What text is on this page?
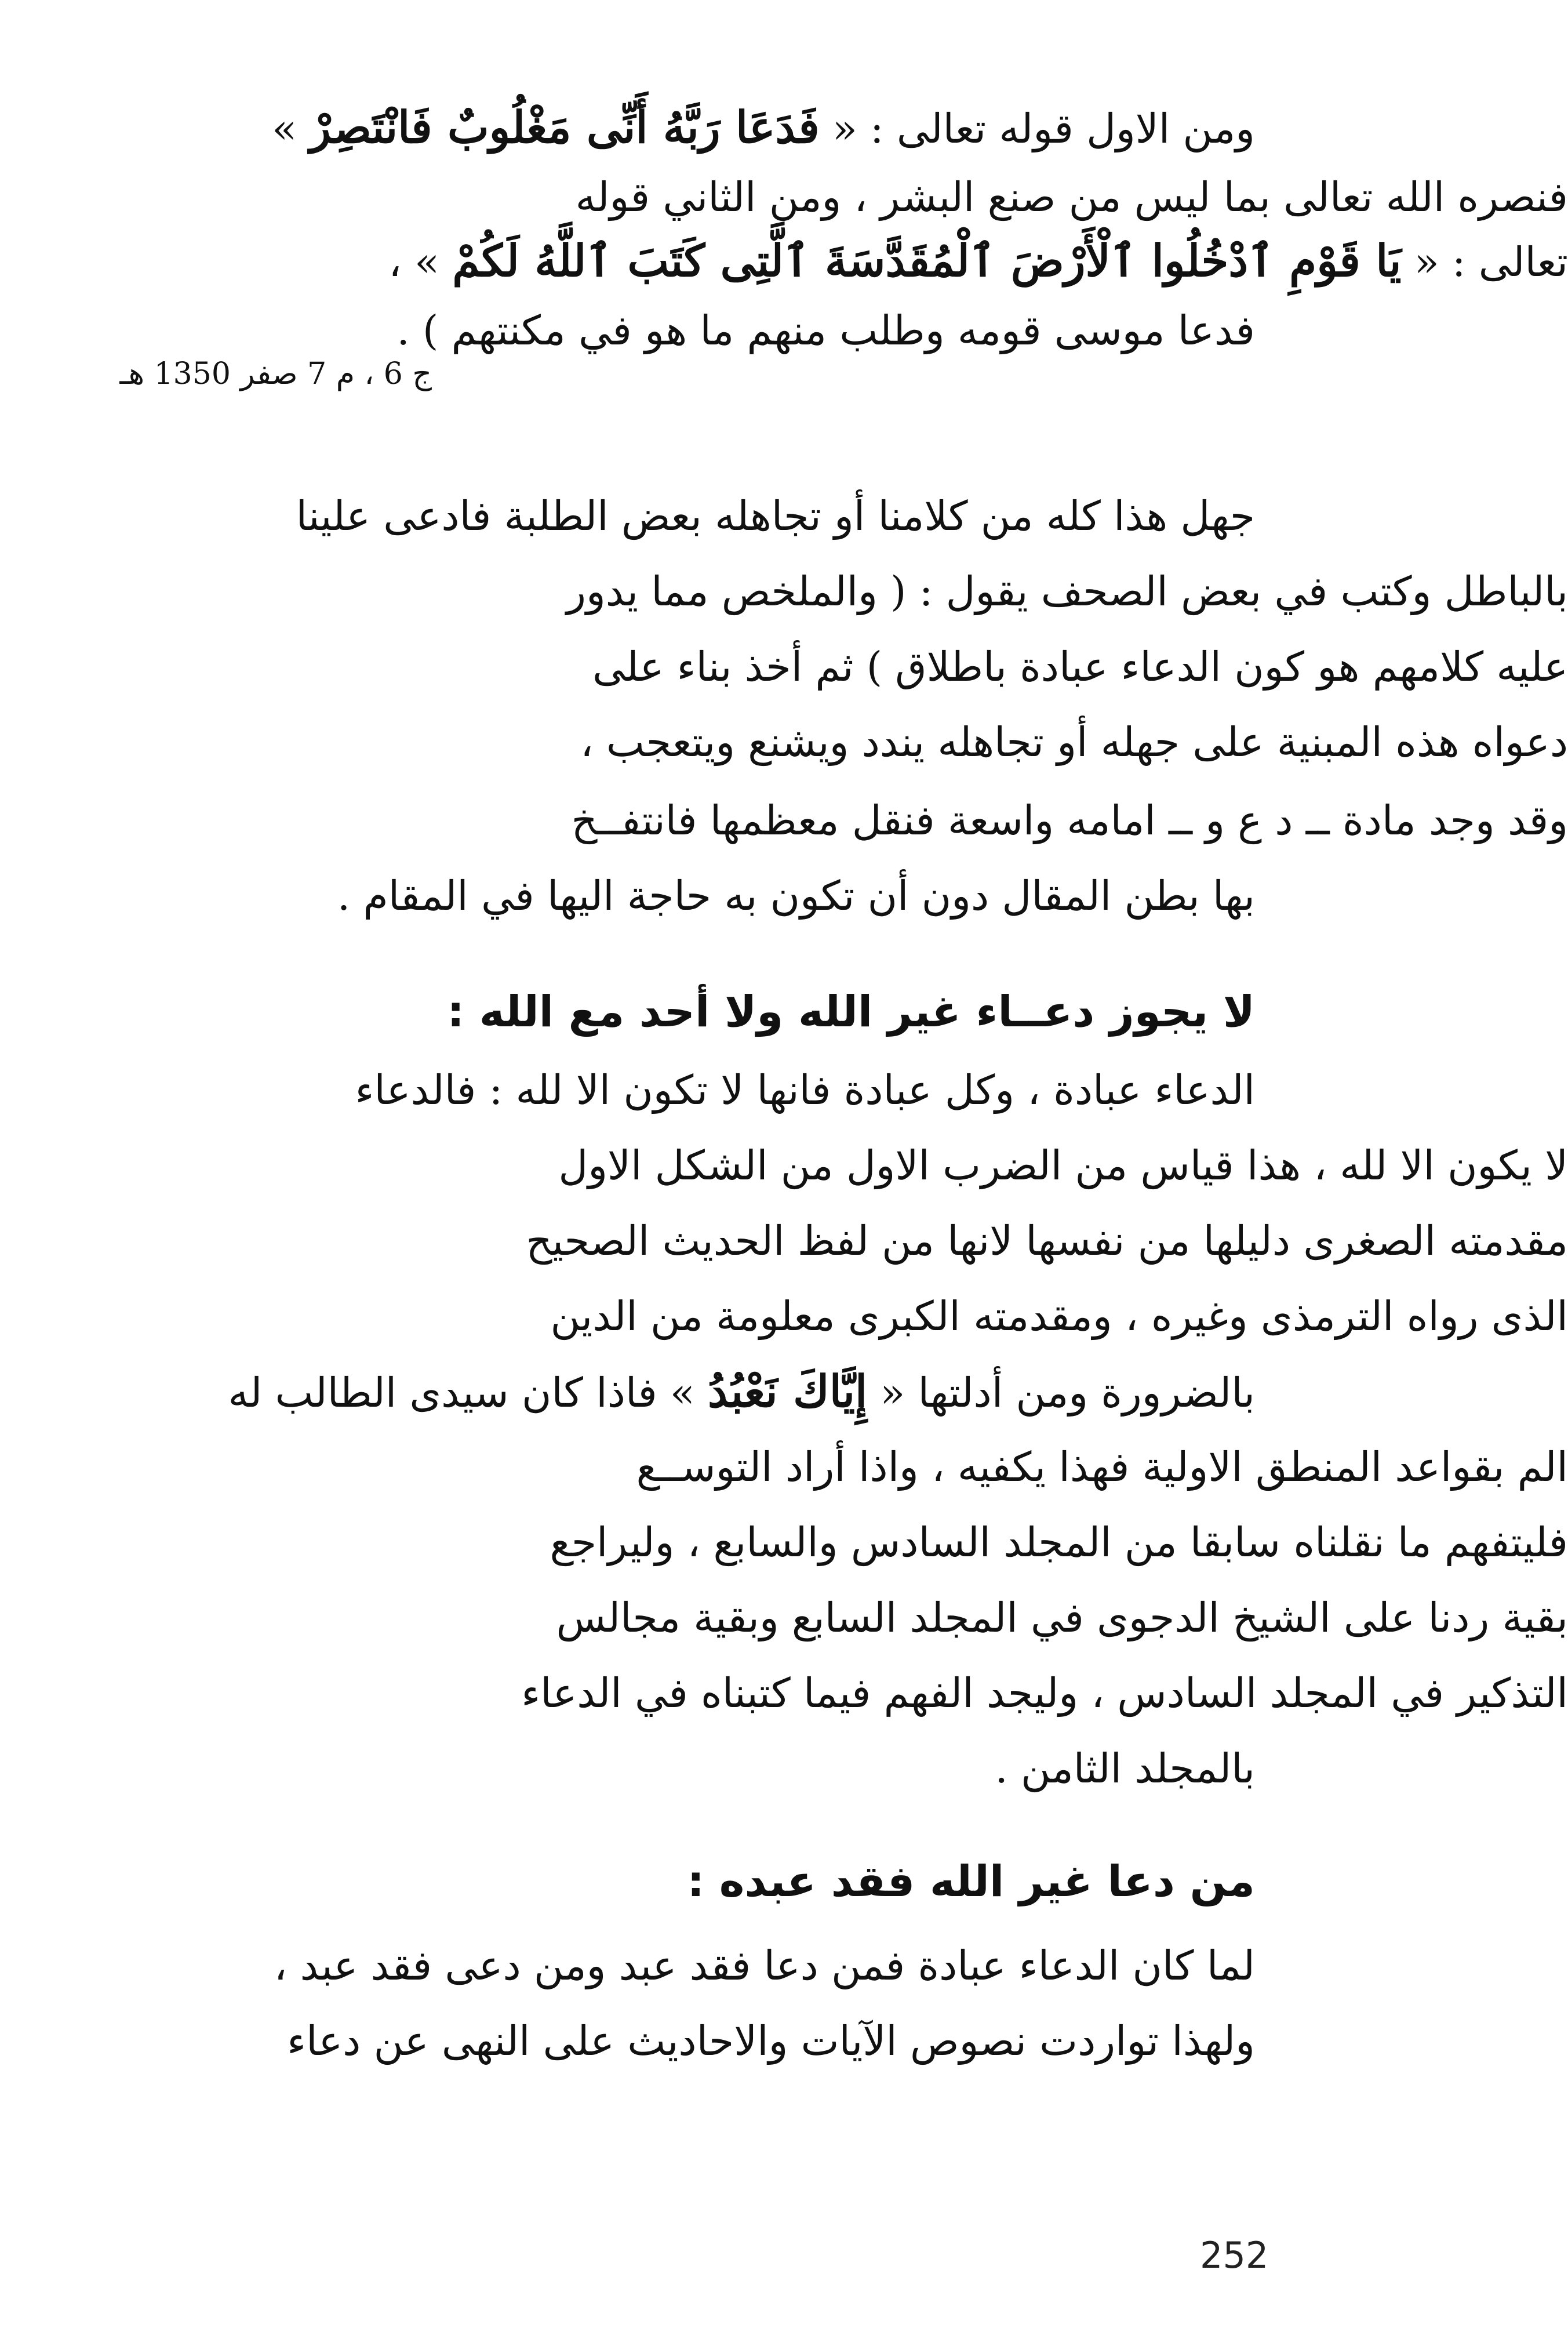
ومن الاول قوله تعالى : « فَدَعَا رَبَّهُ أَنِّى مَغْلُوبٌ فَانْتَصِرْ »
فنصره الله تعالى بما ليس من صنع البشر ، ومن الثاني قوله
تعالى : « يَا قَوْمِ ٱدْخُلُوا ٱلْأَرْضَ ٱلْمُقَدَّسَةَ ٱلَّتِى كَتَبَ ٱللَّهُ لَكُمْ » ،
فدعا موسى قومه وطلب منهم ما هو في مكنتهم ) .
ج 6 ، م 7 صفر 1350 هـ
جهل هذا كله من كلامنا أو تجاهله بعض الطلبة فادعى علينا
بالباطل وكتب في بعض الصحف يقول : ( والملخص مما يدور
عليه كلامهم هو كون الدعاء عبادة باطلاق ) ثم أخذ بناء على
دعواه هذه المبنية على جهله أو تجاهله يندد ويشنع ويتعجب ،
وقد وجد مادة ــ د ع و ــ امامه واسعة فنقل معظمها فانتفــخ
بها بطن المقال دون أن تكون به حاجة اليها في المقام .
لا يجوز دعــاء غير الله ولا أحد مع الله :
الدعاء عبادة ، وكل عبادة فانها لا تكون الا لله : فالدعاء
لا يكون الا لله ، هذا قياس من الضرب الاول من الشكل الاول
مقدمته الصغرى دليلها من نفسها لانها من لفظ الحديث الصحيح
الذى رواه الترمذى وغيره ، ومقدمته الكبرى معلومة من الدين
بالضرورة ومن أدلتها « إِيَّاكَ نَعْبُدُ » فاذا كان سيدى الطالب له
الم بقواعد المنطق الاولية فهذا يكفيه ، واذا أراد التوســع
فليتفهم ما نقلناه سابقا من المجلد السادس والسابع ، وليراجع
بقية ردنا على الشيخ الدجوى في المجلد السابع وبقية مجالس
التذكير في المجلد السادس ، وليجد الفهم فيما كتبناه في الدعاء
بالمجلد الثامن .
من دعا غير الله فقد عبده :
لما كان الدعاء عبادة فمن دعا فقد عبد ومن دعى فقد عبد ،
ولهذا تواردت نصوص الآيات والاحاديث على النهى عن دعاء
252
